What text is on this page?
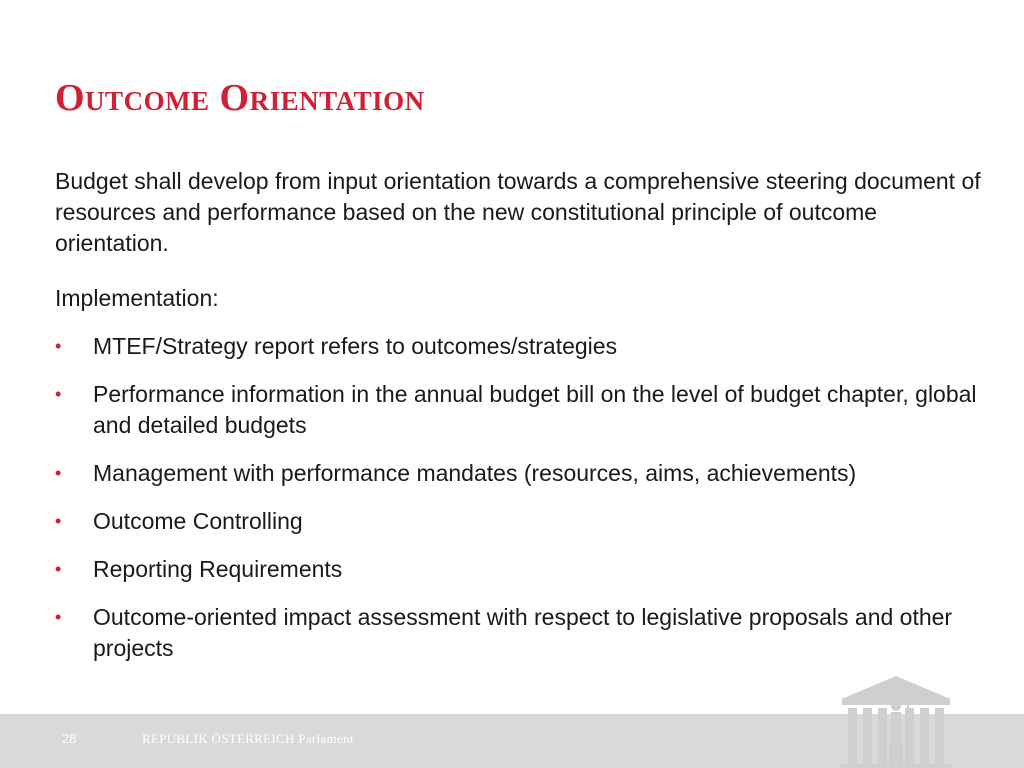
Outcome Orientation

Budget shall develop from input orientation towards a comprehensive steering document of resources and performance based on the new constitutional principle of outcome orientation.

Implementation:

•	MTEF/Strategy report refers to outcomes/strategies
•	Performance information in the annual budget bill on the level of budget chapter, global and detailed budgets
•	Management with performance mandates (resources, aims, achievements)
•	Outcome Controlling
•	Reporting Requirements
•	Outcome-oriented impact assessment with respect to legislative proposals and other projects
28	REPUBLIK ÖSTERREICH Parlament
